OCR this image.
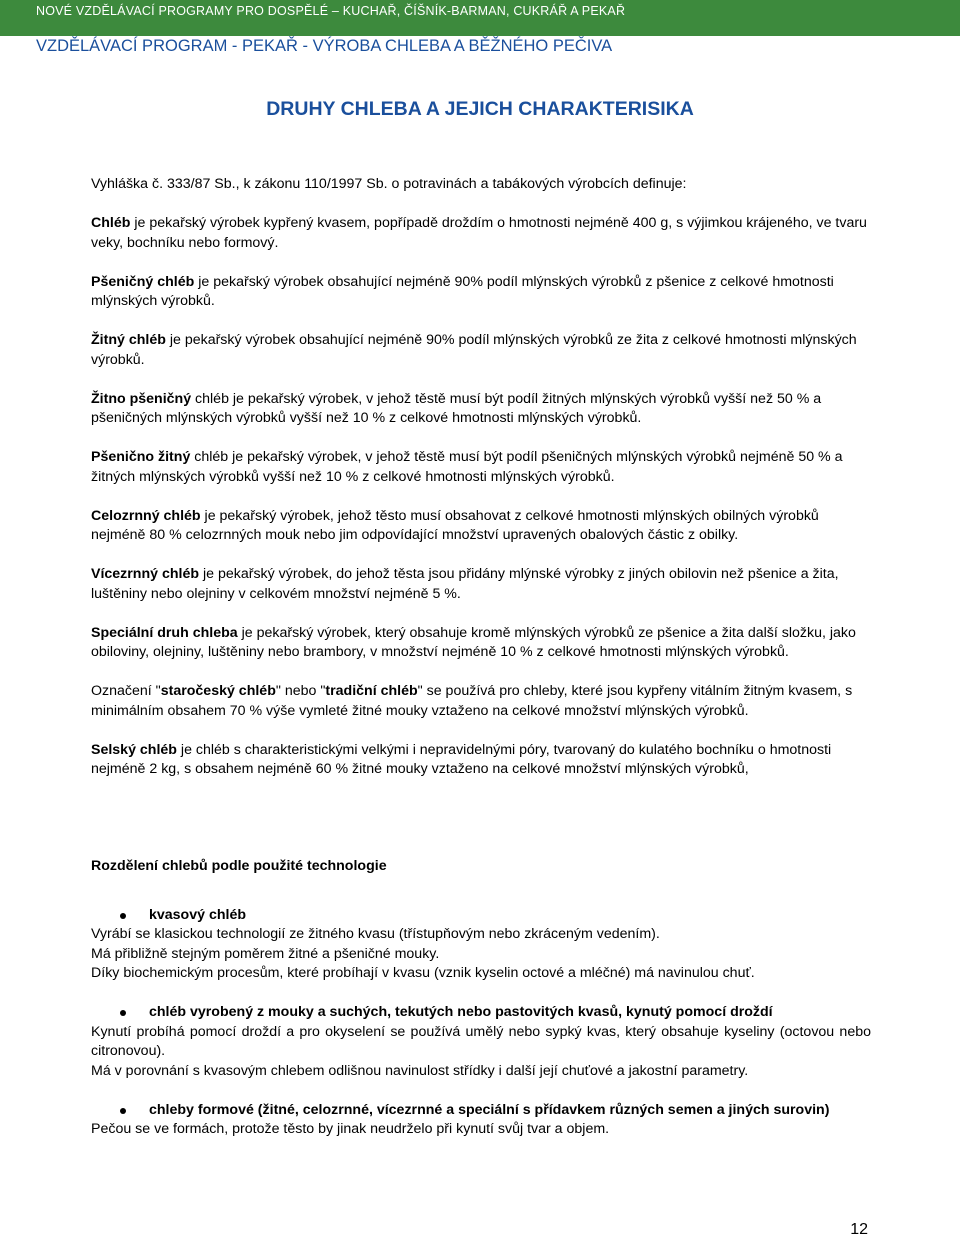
NOVÉ VZDĚLÁVACÍ PROGRAMY PRO DOSPĚLÉ – KUCHAŘ, ČÍŠNÍK-BARMAN, CUKRÁŘ A PEKAŘ
VZDĚLÁVACÍ PROGRAM - PEKAŘ - VÝROBA CHLEBA A BĚŽNÉHO PEČIVA
DRUHY CHLEBA A JEJICH CHARAKTERISIKA

Vyhláška č. 333/87 Sb., k zákonu 110/1997 Sb. o potravinách a tabákových výrobcích definuje:

Chléb je pekařský výrobek kypřený kvasem, popřípadě droždím o hmotnosti nejméně 400 g, s výjimkou krájeného, ve tvaru veky, bochníku nebo formový.

Pšeničný chléb je pekařský výrobek obsahující nejméně 90% podíl mlýnských výrobků z pšenice z celkové hmotnosti mlýnských výrobků.

Žitný chléb je pekařský výrobek obsahující nejméně 90% podíl mlýnských výrobků ze žita z celkové hmotnosti mlýnských výrobků.

Žitno pšeničný chléb je pekařský výrobek, v jehož těstě musí být podíl žitných mlýnských výrobků vyšší než 50 % a pšeničných mlýnských výrobků vyšší než 10 % z celkové hmotnosti mlýnských výrobků.

Pšenično žitný chléb je pekařský výrobek, v jehož těstě musí být podíl pšeničných mlýnských výrobků nejméně 50 % a žitných mlýnských výrobků vyšší než 10 % z celkové hmotnosti mlýnských výrobků.

Celozrnný chléb je pekařský výrobek, jehož těsto musí obsahovat z celkové hmotnosti mlýnských obilných výrobků nejméně 80 % celozrnných mouk nebo jim odpovídající množství upravených obalových částic z obilky.

Vícezrnný chléb je pekařský výrobek, do jehož těsta jsou přidány mlýnské výrobky z jiných obilovin než pšenice a žita, luštěniny nebo olejniny v celkovém množství nejméně 5 %.

Speciální druh chleba je pekařský výrobek, který obsahuje kromě mlýnských výrobků ze pšenice a žita další složku, jako obiloviny, olejniny, luštěniny nebo brambory, v množství nejméně 10 % z celkové hmotnosti mlýnských výrobků.

Označení "staročeský chléb" nebo "tradiční chléb" se používá pro chleby, které jsou kypřeny vitálním žitným kvasem, s minimálním obsahem 70 % výše vymleté žitné mouky vztaženo na celkové množství mlýnských výrobků.

Selský chléb je chléb s charakteristickými velkými i nepravidelnými póry, tvarovaný do kulatého bochníku o hmotnosti nejméně 2 kg, s obsahem nejméně 60 % žitné mouky vztaženo na celkové množství mlýnských výrobků,

Rozdělení chlebů podle použité technologie

kvasový chléb

Vyrábí se klasickou technologií ze žitného kvasu (třístupňovým nebo zkráceným vedením).

Má přibližně stejným poměrem žitné a pšeničné mouky.

Díky biochemickým procesům, které probíhají v kvasu (vznik kyselin octové a mléčné) má navinulou chuť.

chléb vyrobený z mouky a suchých, tekutých nebo pastovitých kvasů, kynutý pomocí droždí

Kynutí probíhá pomocí droždí a pro okyselení se používá umělý nebo sypký kvas, který obsahuje kyseliny (octovou nebo citronovou).

Má v porovnání s kvasovým chlebem odlišnou navinulost střídky i další její chuťové a jakostní parametry.

chleby formové (žitné, celozrnné, vícezrnné a speciální s přídavkem různých semen a jiných surovin)

Pečou se ve formách, protože těsto by jinak neudrželo při kynutí svůj tvar a objem.

12
